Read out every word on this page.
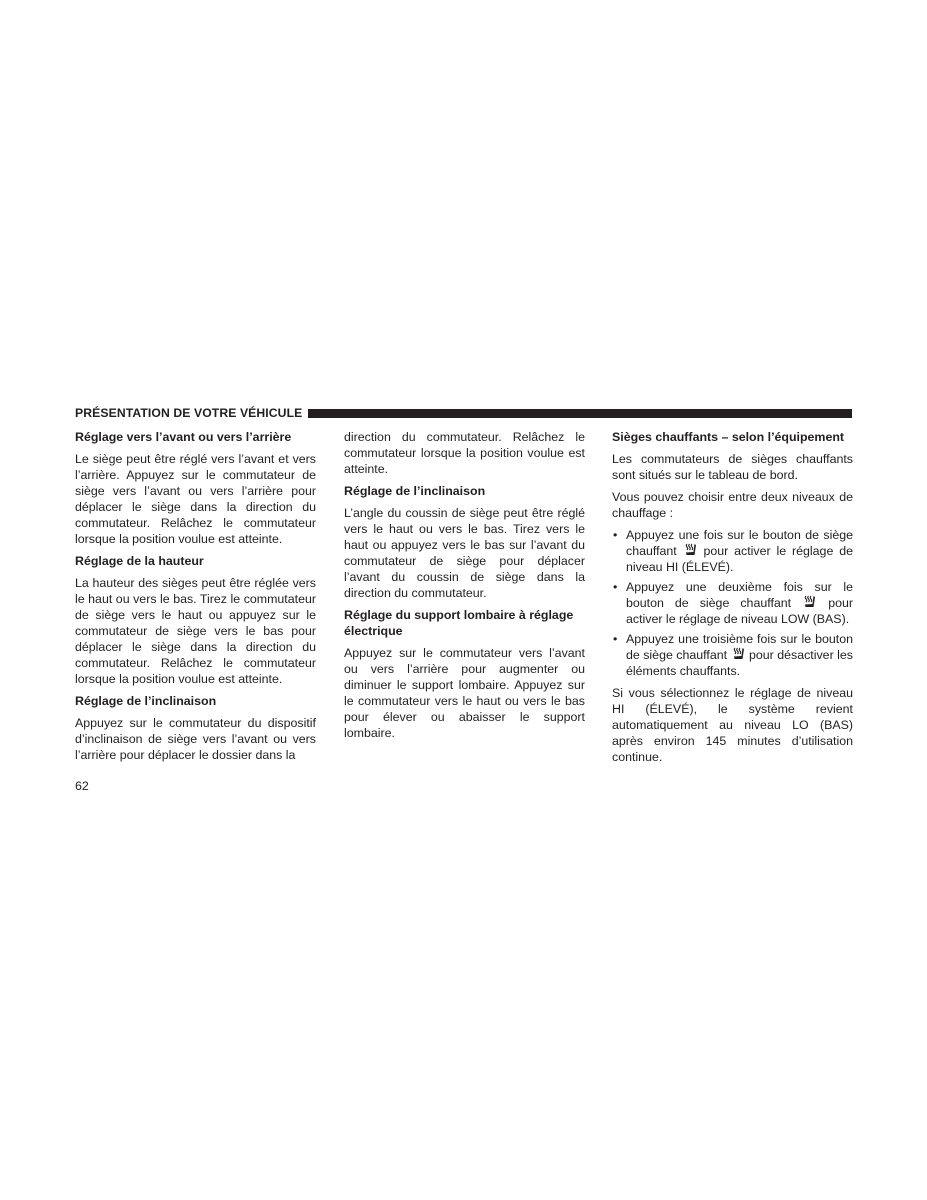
PRÉSENTATION DE VOTRE VÉHICULE
Réglage vers l’avant ou vers l’arrière

Le siège peut être réglé vers l’avant et vers l’arrière. Appuyez sur le commutateur de siège vers l’avant ou vers l’arrière pour déplacer le siège dans la direction du commutateur. Relâchez le commutateur lorsque la position voulue est atteinte.

Réglage de la hauteur

La hauteur des sièges peut être réglée vers le haut ou vers le bas. Tirez le commutateur de siège vers le haut ou appuyez sur le commutateur de siège vers le bas pour déplacer le siège dans la direction du commutateur. Relâchez le commutateur lorsque la position voulue est atteinte.

Réglage de l’inclinaison

Appuyez sur le commutateur du dispositif d’inclinaison de siège vers l’avant ou vers l’arrière pour déplacer le dossier dans la

direction du commutateur. Relâchez le commutateur lorsque la position voulue est atteinte.

Réglage de l’inclinaison

L’angle du coussin de siège peut être réglé vers le haut ou vers le bas. Tirez vers le haut ou appuyez vers le bas sur l’avant du commutateur de siège pour déplacer l’avant du coussin de siège dans la direction du commutateur.

Réglage du support lombaire à réglage électrique

Appuyez sur le commutateur vers l’avant ou vers l’arrière pour augmenter ou diminuer le support lombaire. Appuyez sur le commutateur vers le haut ou vers le bas pour élever ou abaisser le support lombaire.

Sièges chauffants – selon l’équipement

Les commutateurs de sièges chauffants sont situés sur le tableau de bord.

Vous pouvez choisir entre deux niveaux de chauffage :

• Appuyez une fois sur le bouton de siège chauffant pour activer le réglage de niveau HI (ÉLEVÉ).
• Appuyez une deuxième fois sur le bouton de siège chauffant	pour activer le réglage de niveau LOW (BAS).
• Appuyez une troisième fois sur le bouton de siège chauffant pour désactiver les éléments chauffants.

Si vous sélectionnez le réglage de niveau HI (ÉLEVÉ), le système revient automatiquement au niveau LO (BAS) après environ 145 minutes d’utilisation continue.

62
